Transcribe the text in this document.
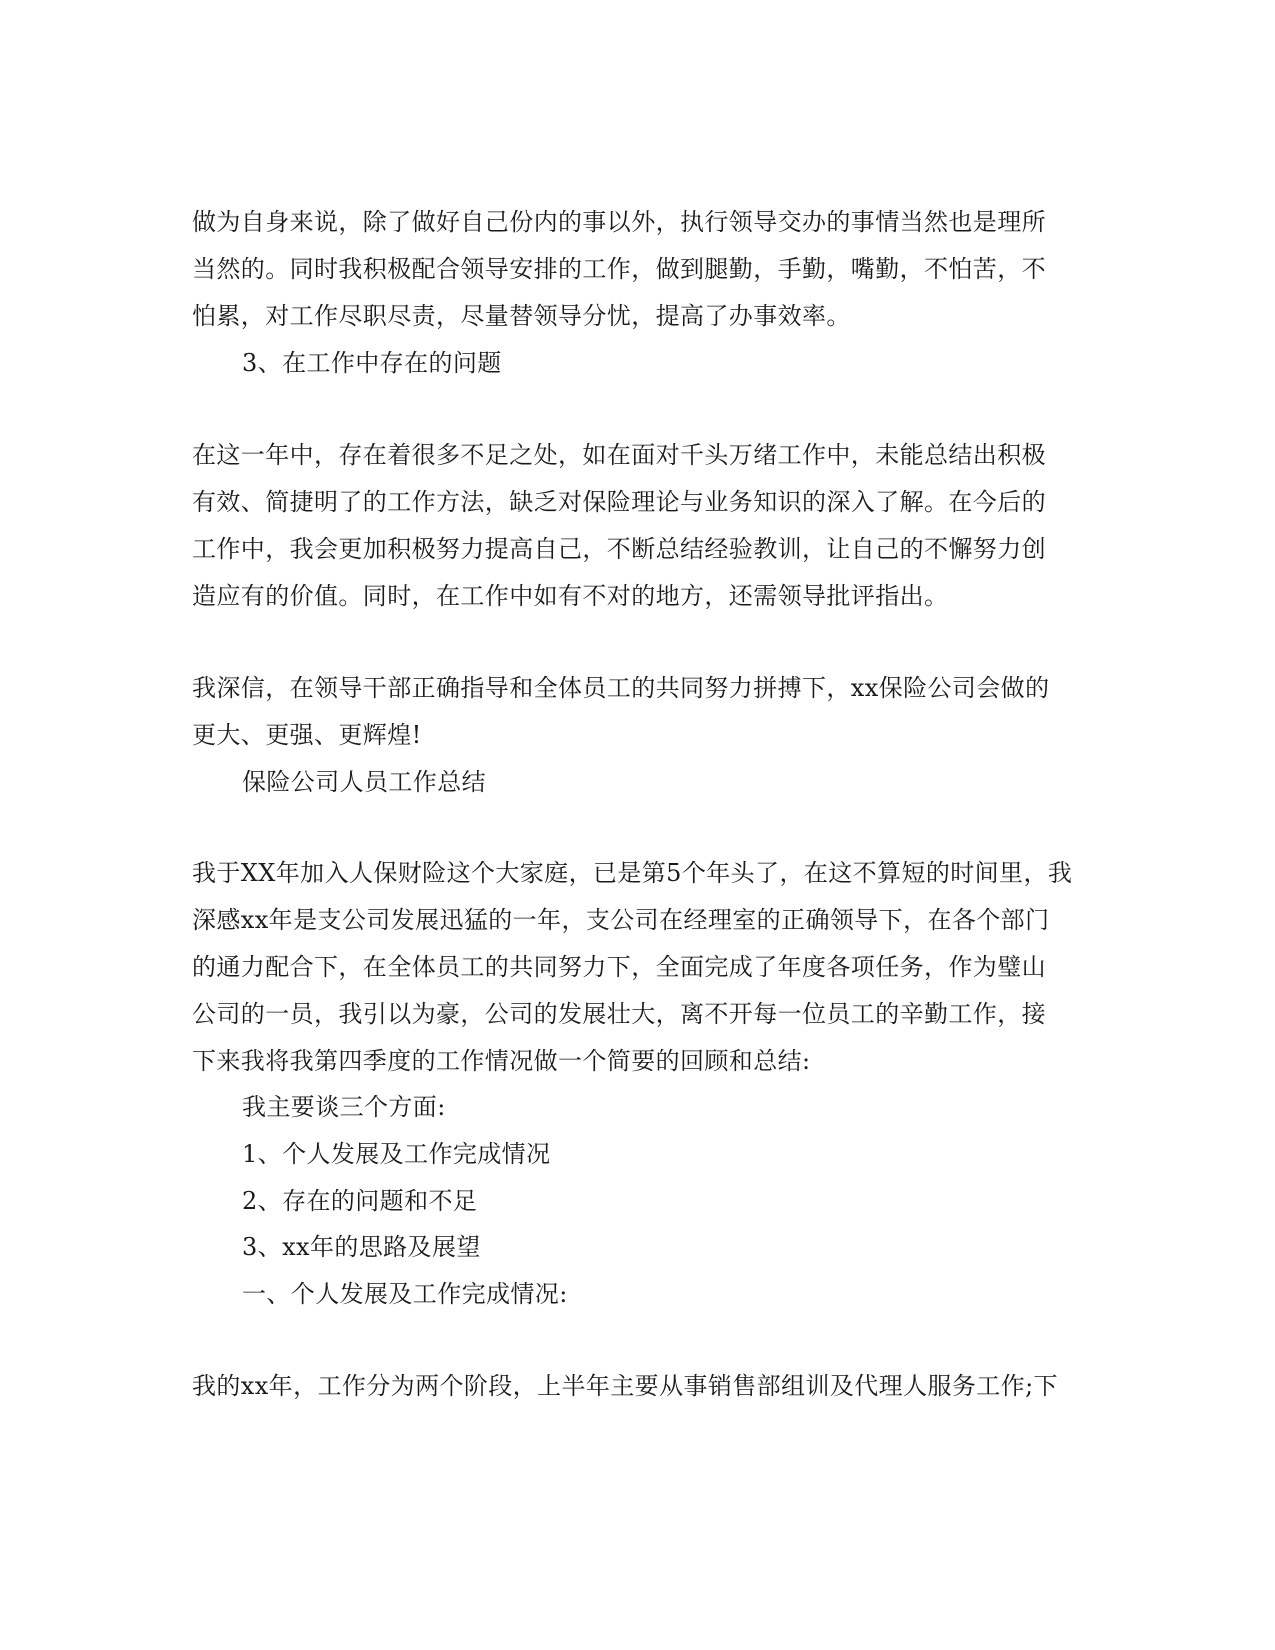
做为自身来说，除了做好自己份内的事以外，执行领导交办的事情当然也是理所
当然的。同时我积极配合领导安排的工作，做到腿勤，手勤，嘴勤，不怕苦，不
怕累，对工作尽职尽责，尽量替领导分忧，提高了办事效率。
3、在工作中存在的问题
在这一年中，存在着很多不足之处，如在面对千头万绪工作中，未能总结出积极
有效、简捷明了的工作方法，缺乏对保险理论与业务知识的深入了解。在今后的
工作中，我会更加积极努力提高自己，不断总结经验教训，让自己的不懈努力创
造应有的价值。同时，在工作中如有不对的地方，还需领导批评指出。
我深信，在领导干部正确指导和全体员工的共同努力拼搏下，xx保险公司会做的
更大、更强、更辉煌!
保险公司人员工作总结
我于XX年加入人保财险这个大家庭，已是第5个年头了，在这不算短的时间里，我
深感xx年是支公司发展迅猛的一年，支公司在经理室的正确领导下，在各个部门
的通力配合下，在全体员工的共同努力下，全面完成了年度各项任务，作为璧山
公司的一员，我引以为豪，公司的发展壮大，离不开每一位员工的辛勤工作，接
下来我将我第四季度的工作情况做一个简要的回顾和总结:
我主要谈三个方面:
1、个人发展及工作完成情况
2、存在的问题和不足
3、xx年的思路及展望
一、个人发展及工作完成情况:
我的xx年，工作分为两个阶段，上半年主要从事销售部组训及代理人服务工作;下
